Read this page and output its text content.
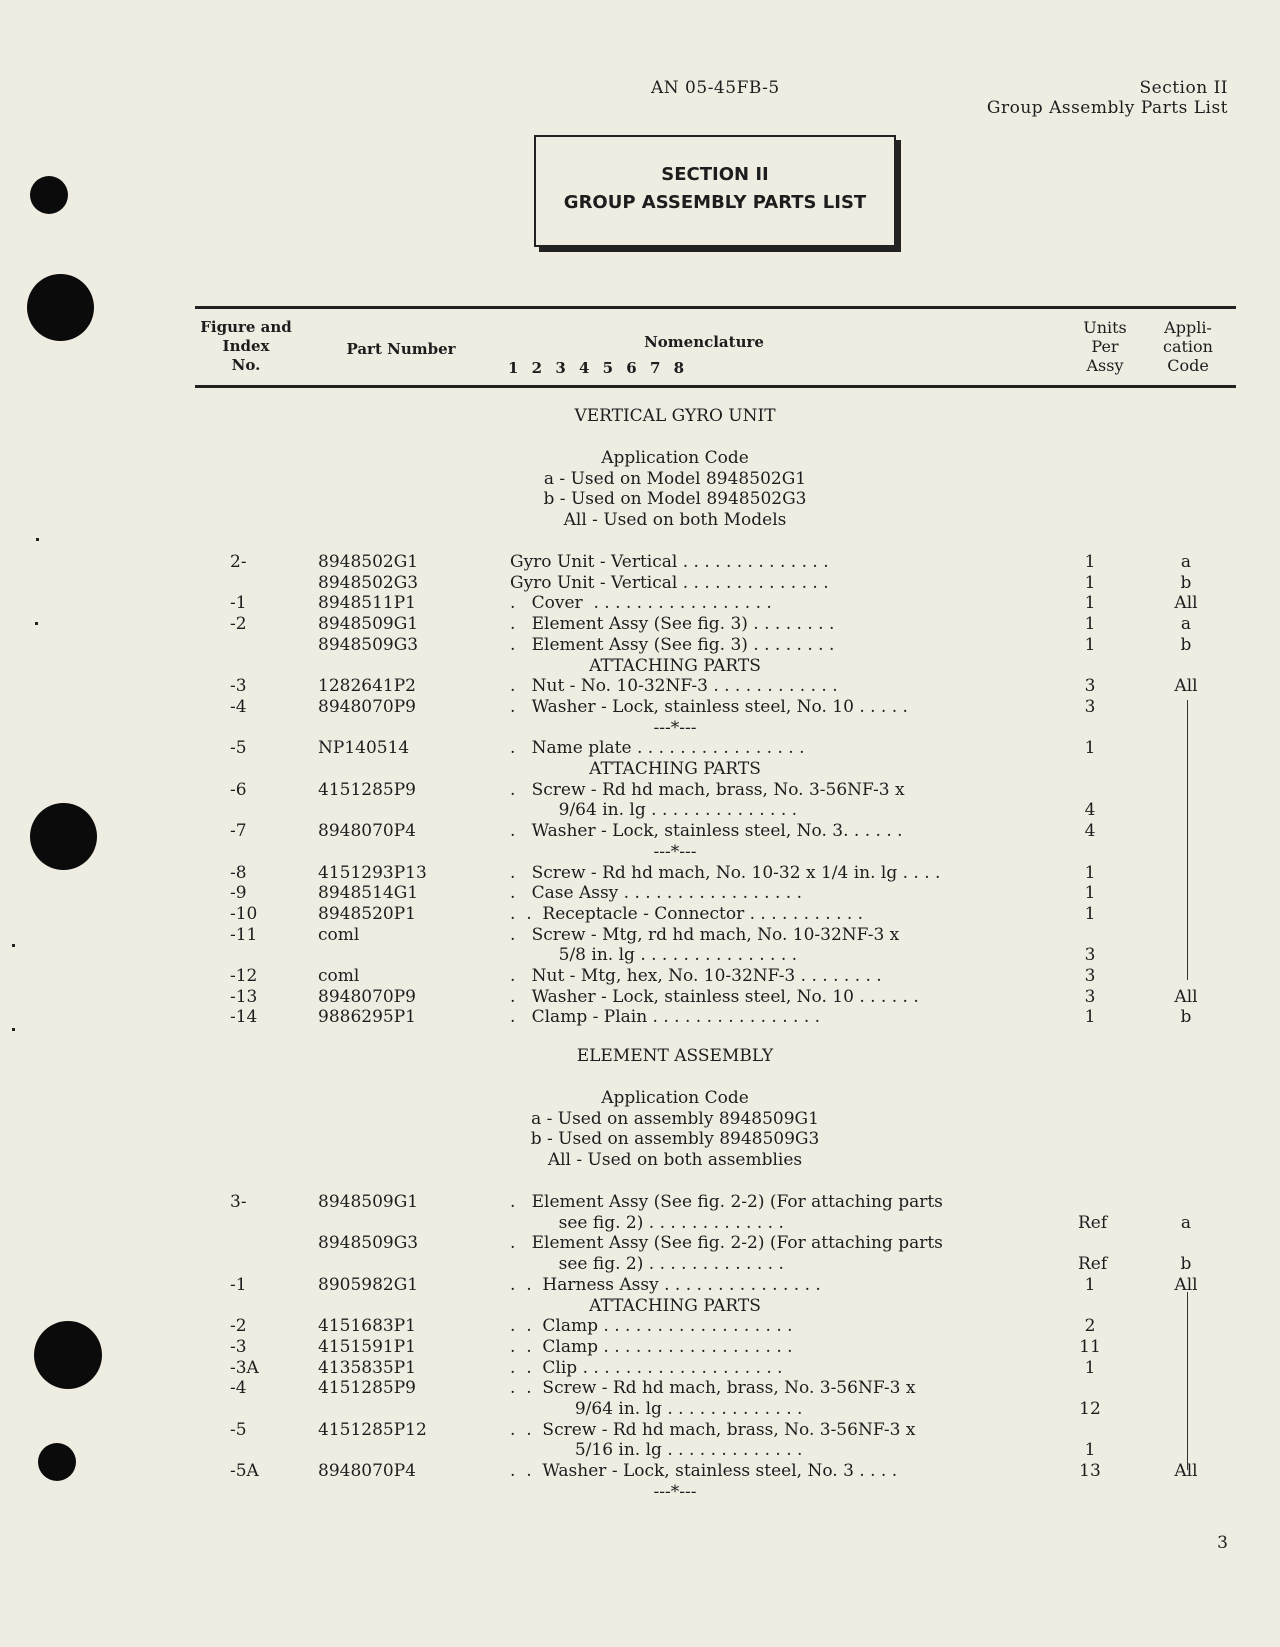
AN 05-45FB-5	Section II
Group Assembly Parts List
SECTION II
GROUP ASSEMBLY PARTS LIST
Figure and
Index
No.
Part Number	Nomenclature
1 2 3 4 5 6 7 8
Units
Per
Assy
Appli-
cation
Code
VERTICAL GYRO UNIT
Application Code
a - Used on Model 8948502G1
b - Used on Model 8948502G3
All - Used on both Models
2-	8948502G1	Gyro Unit - Vertical . . . . . . . . . . . . . .	1	a
8948502G3	Gyro Unit - Vertical . . . . . . . . . . . . . .	1	b
-1	8948511P1	.   Cover  . . . . . . . . . . . . . . . . .	1	All
-2	8948509G1	.   Element Assy (See fig. 3) . . . . . . . .	1	a
8948509G3	.   Element Assy (See fig. 3) . . . . . . . .	1	b
ATTACHING PARTS
-3	1282641P2	.   Nut - No. 10-32NF-3 . . . . . . . . . . . .	3	All
-4	8948070P9	.   Washer - Lock, stainless steel, No. 10 . . . . .	3
---*---
-5	NP140514	.   Name plate . . . . . . . . . . . . . . . .	1
ATTACHING PARTS
-6	4151285P9	.   Screw - Rd hd mach, brass, No. 3-56NF-3 x
9/64 in. lg . . . . . . . . . . . . . .	4
-7	8948070P4	.   Washer - Lock, stainless steel, No. 3. . . . . .	4
---*---
-8	4151293P13	.   Screw - Rd hd mach, No. 10-32 x 1/4 in. lg . . . .	1
-9	8948514G1	.   Case Assy . . . . . . . . . . . . . . . . .	1
-10	8948520P1	.  .  Receptacle - Connector . . . . . . . . . . .	1
-11	coml	.   Screw - Mtg, rd hd mach, No. 10-32NF-3 x
5/8 in. lg . . . . . . . . . . . . . . .	3
-12	coml	.   Nut - Mtg, hex, No. 10-32NF-3 . . . . . . . .	3
-13	8948070P9	.   Washer - Lock, stainless steel, No. 10 . . . . . .	3	All
-14	9886295P1	.   Clamp - Plain . . . . . . . . . . . . . . . .	1	b
ELEMENT ASSEMBLY
Application Code
a - Used on assembly 8948509G1
b - Used on assembly 8948509G3
All - Used on both assemblies
3-	8948509G1	.   Element Assy (See fig. 2-2) (For attaching parts
see fig. 2) . . . . . . . . . . . . .	Ref	a
8948509G3	.   Element Assy (See fig. 2-2) (For attaching parts
see fig. 2) . . . . . . . . . . . . .	Ref	b
-1	8905982G1	.  .  Harness Assy . . . . . . . . . . . . . . .	1	All
ATTACHING PARTS
-2	4151683P1	.  .  Clamp . . . . . . . . . . . . . . . . . .	2
-3	4151591P1	.  .  Clamp . . . . . . . . . . . . . . . . . .	11
-3A	4135835P1	.  .  Clip . . . . . . . . . . . . . . . . . . .	1
-4	4151285P9	.  .  Screw - Rd hd mach, brass, No. 3-56NF-3 x
9/64 in. lg . . . . . . . . . . . . .	12
-5	4151285P12	.  .  Screw - Rd hd mach, brass, No. 3-56NF-3 x
5/16 in. lg . . . . . . . . . . . . .	1
-5A	8948070P4	.  .  Washer - Lock, stainless steel, No. 3 . . . .	13	All
---*---
3
